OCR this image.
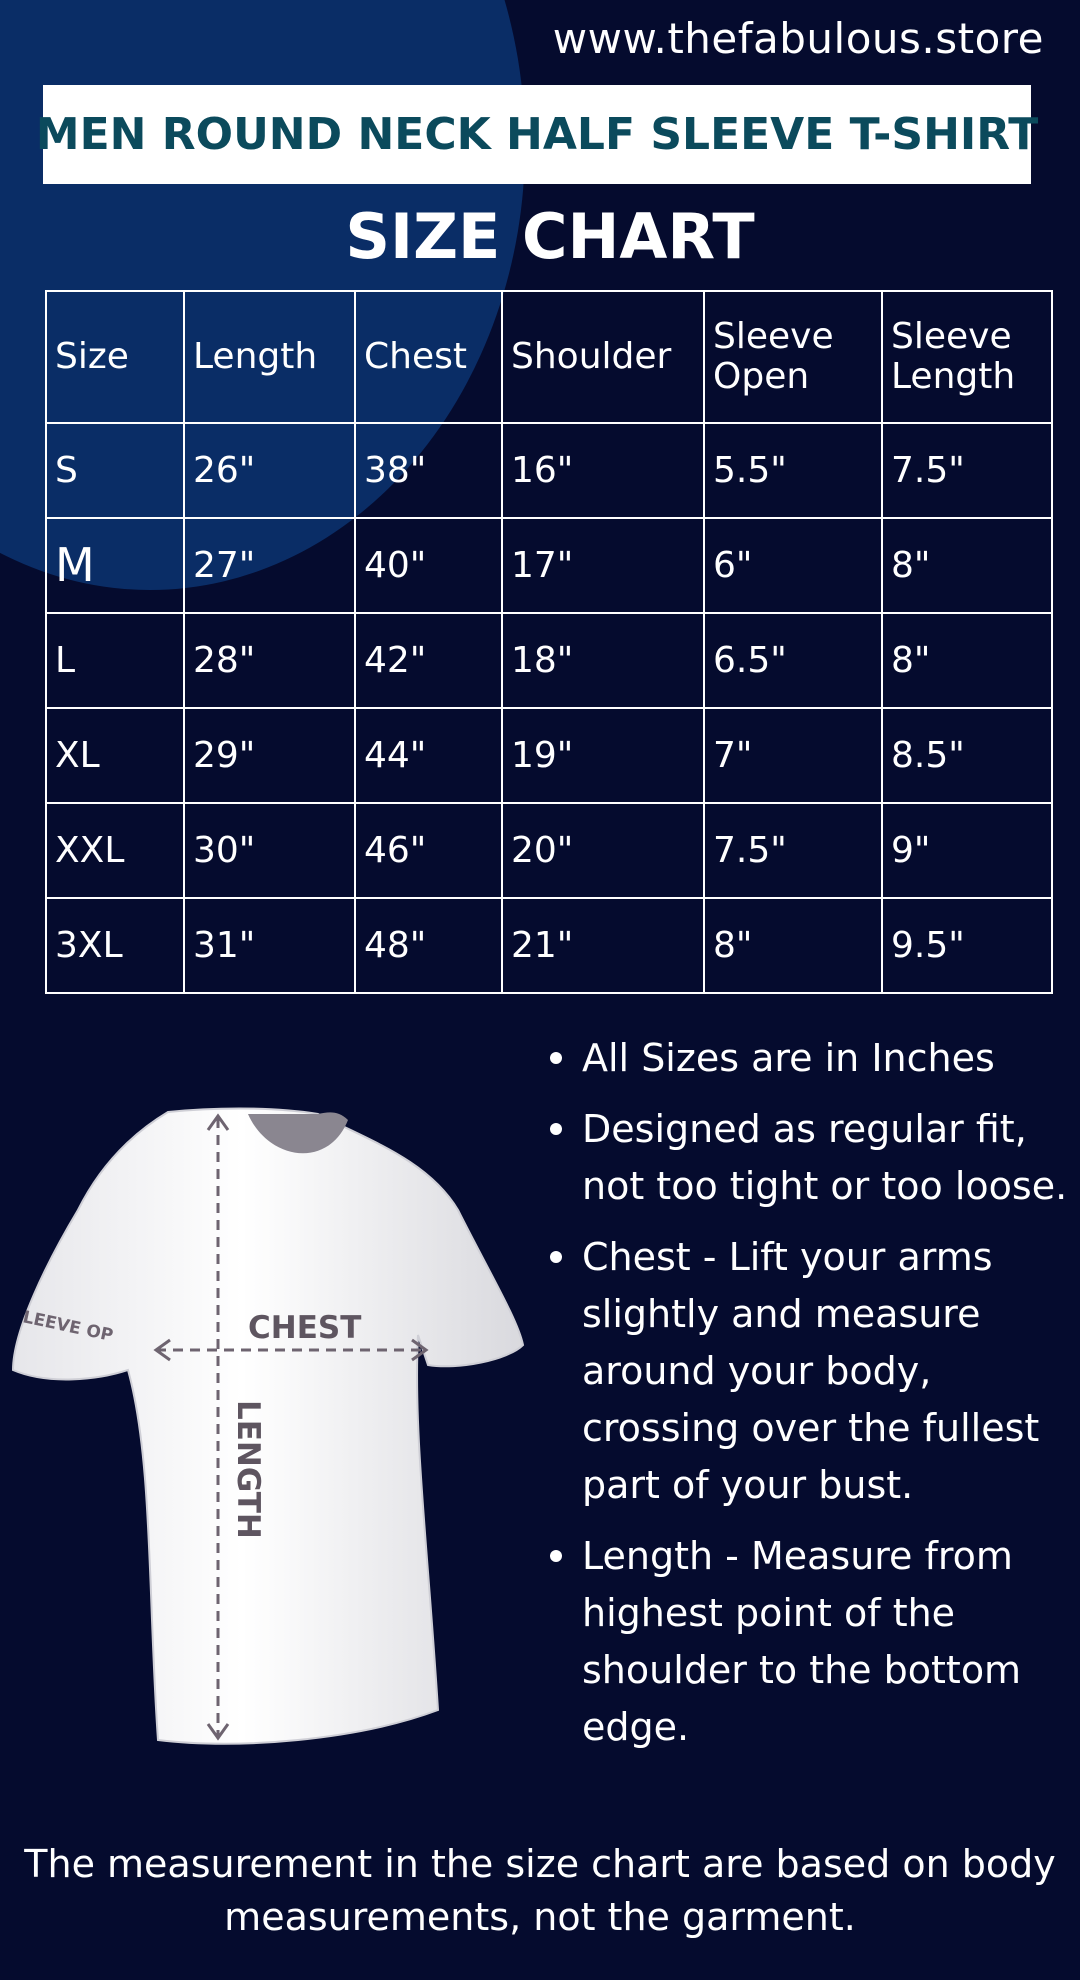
www.thefabulous.store
MEN ROUND NECK HALF SLEEVE T-SHIRT
SIZE CHART
Size	Length	Chest	Shoulder	Sleeve Open	Sleeve Length
S	26"	38"	16"	5.5"	7.5"
M	27"	40"	17"	6"	8"
L	28"	42"	18"	6.5"	8"
XL	29"	44"	19"	7"	8.5"
XXL	30"	46"	20"	7.5"	9"
3XL	31"	48"	21"	8"	9.5"
CHEST
LENGTH
LEEVE OP
All Sizes are in Inches
Designed as regular fit, not too tight or too loose.
Chest - Lift your arms slightly and measure around your body, crossing over the fullest part of your bust.
Length - Measure from highest point of the shoulder to the bottom edge.
The measurement in the size chart are based on body measurements, not the garment.
